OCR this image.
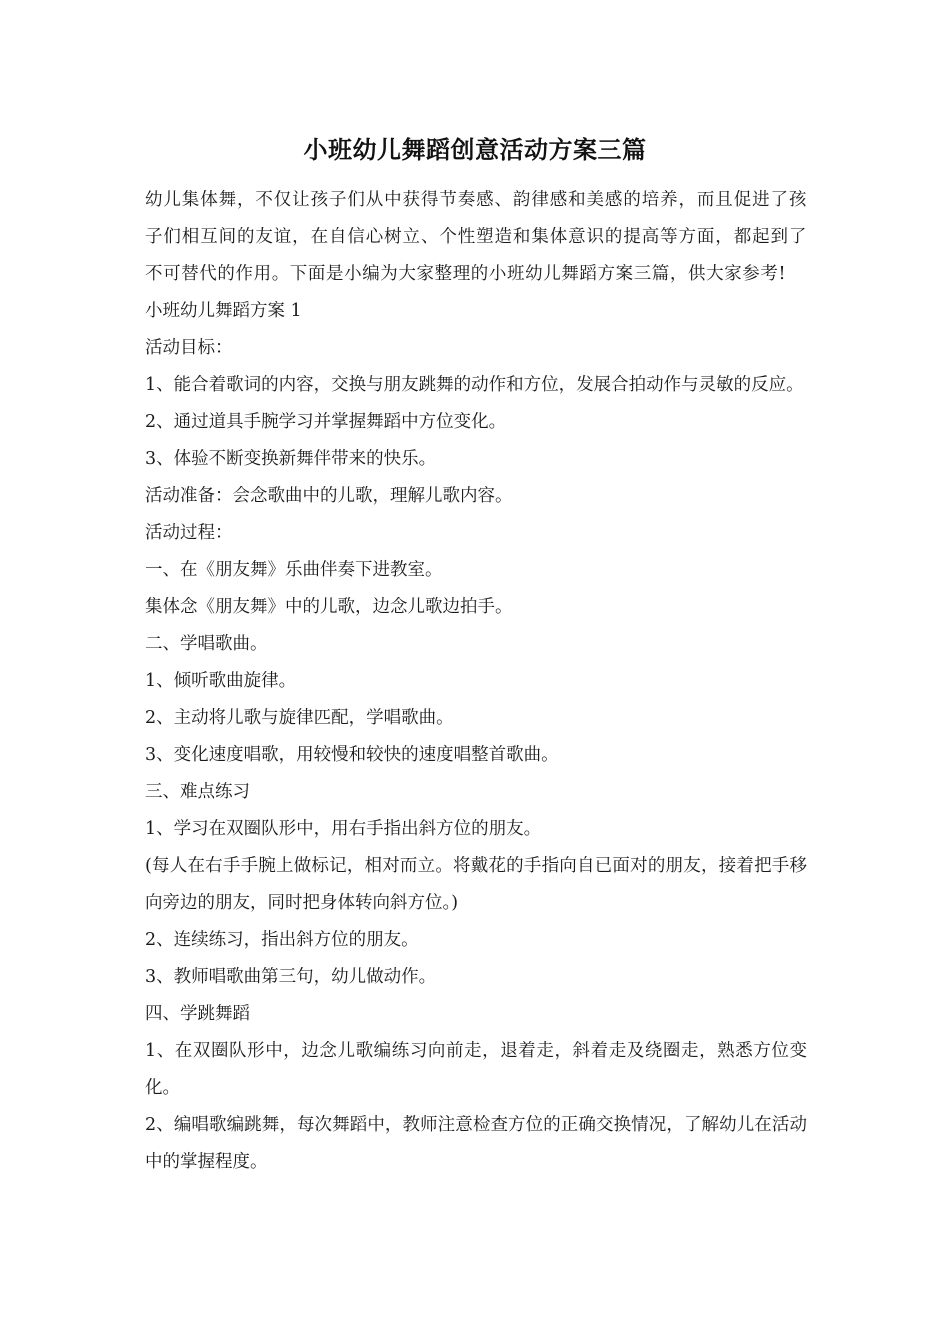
小班幼儿舞蹈创意活动方案三篇

幼儿集体舞，不仅让孩子们从中获得节奏感、韵律感和美感的培养，而且促进了孩子们相互间的友谊，在自信心树立、个性塑造和集体意识的提高等方面，都起到了不可替代的作用。下面是小编为大家整理的小班幼儿舞蹈方案三篇，供大家参考!

小班幼儿舞蹈方案 1

活动目标：

1、能合着歌词的内容，交换与朋友跳舞的动作和方位，发展合拍动作与灵敏的反应。

2、通过道具手腕学习并掌握舞蹈中方位变化。

3、体验不断变换新舞伴带来的快乐。

活动准备：会念歌曲中的儿歌，理解儿歌内容。

活动过程：

一、在《朋友舞》乐曲伴奏下进教室。

集体念《朋友舞》中的儿歌，边念儿歌边拍手。

二、学唱歌曲。

1、倾听歌曲旋律。

2、主动将儿歌与旋律匹配，学唱歌曲。

3、变化速度唱歌，用较慢和较快的速度唱整首歌曲。

三、难点练习

1、学习在双圈队形中，用右手指出斜方位的朋友。

(每人在右手手腕上做标记，相对而立。将戴花的手指向自已面对的朋友，接着把手移向旁边的朋友，同时把身体转向斜方位。)

2、连续练习，指出斜方位的朋友。

3、教师唱歌曲第三句，幼儿做动作。

四、学跳舞蹈

1、在双圈队形中，边念儿歌编练习向前走，退着走，斜着走及绕圈走，熟悉方位变化。

2、编唱歌编跳舞，每次舞蹈中，教师注意检查方位的正确交换情况，了解幼儿在活动中的掌握程度。
